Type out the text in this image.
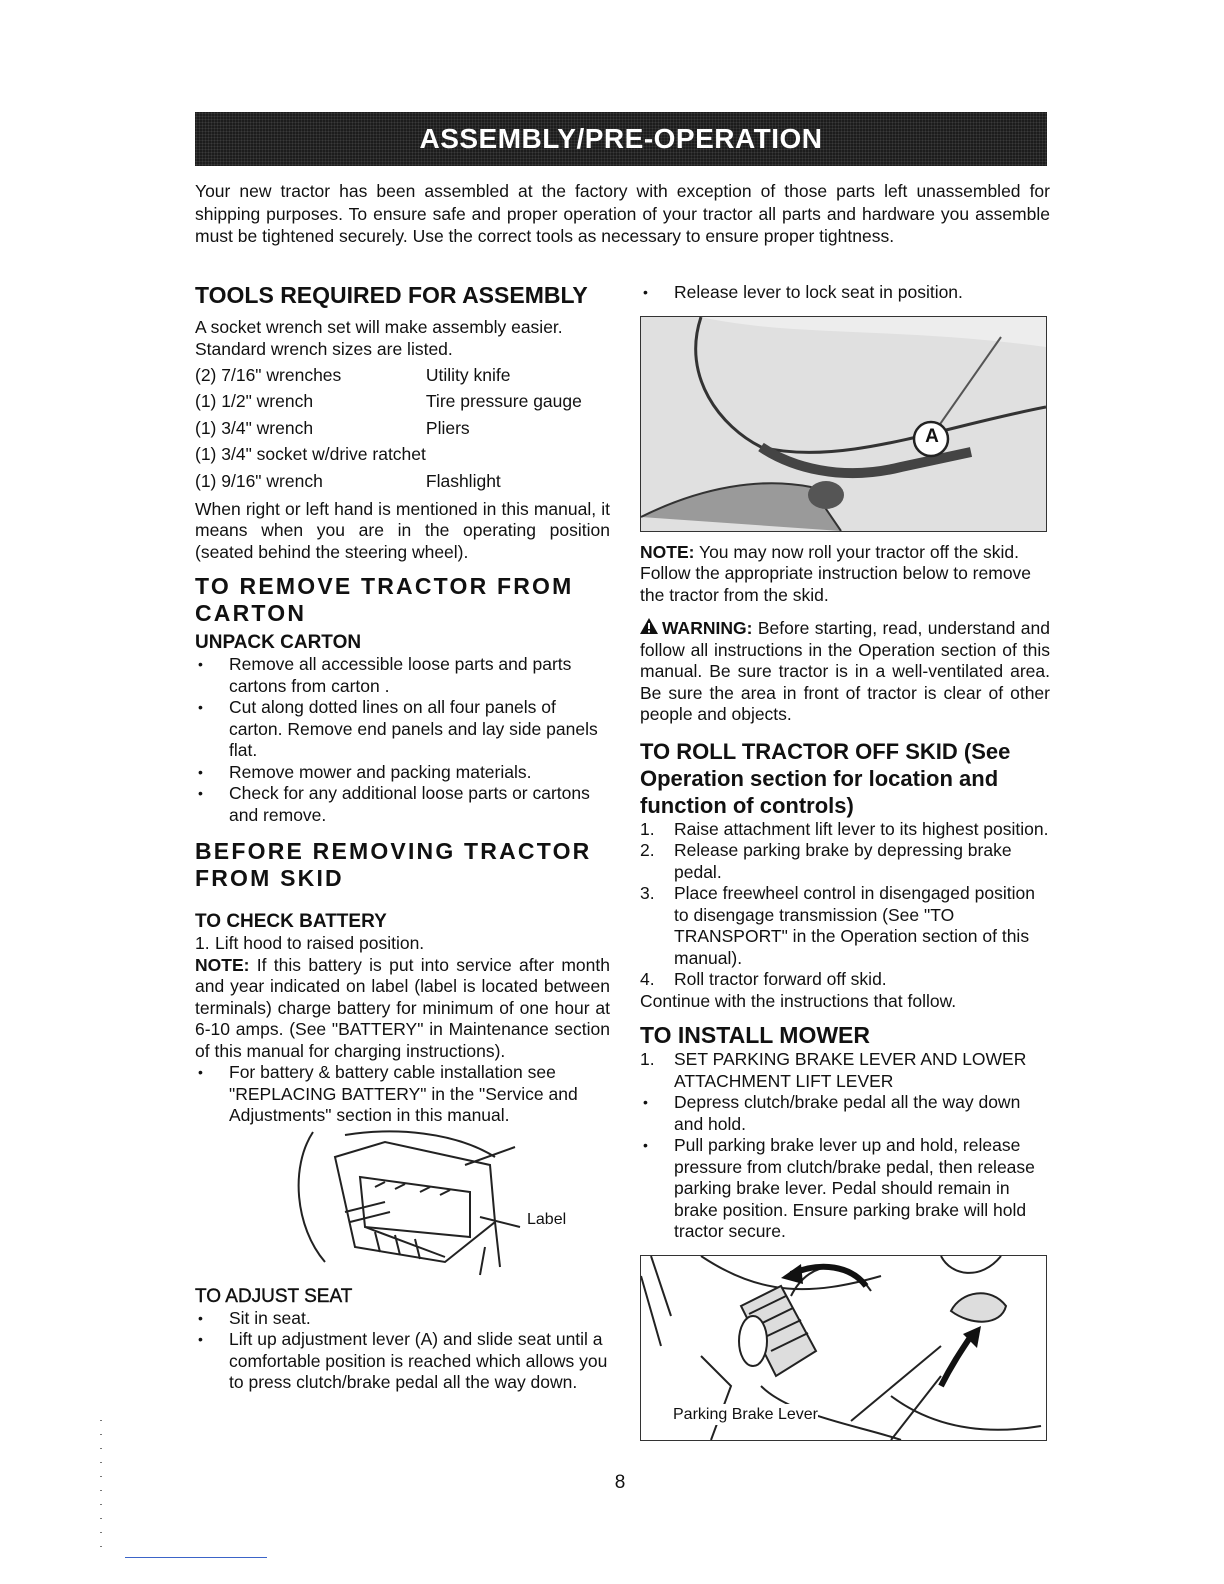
ASSEMBLY/PRE-OPERATION

Your new tractor has been assembled at the factory with exception of those parts left unassembled for shipping purposes. To ensure safe and proper operation of your tractor all parts and hardware you assemble must be tightened securely. Use the correct tools as necessary to ensure proper tightness.

TOOLS REQUIRED FOR ASSEMBLY

A socket wrench set will make assembly easier. Standard wrench sizes are listed.

(2) 7/16" wrenches	Utility knife
(1) 1/2" wrench	Tire pressure gauge
(1) 3/4" wrench	Pliers
(1) 3/4" socket w/drive ratchet	
(1) 9/16" wrench	Flashlight

When right or left hand is mentioned in this manual, it means when you are in the operating position (seated behind the steering wheel).

TO REMOVE TRACTOR FROM CARTON
UNPACK CARTON
• Remove all accessible loose parts and parts cartons from carton .
• Cut along dotted lines on all four panels of carton. Remove end panels and lay side panels flat.
• Remove mower and packing materials.
• Check for any additional loose parts or cartons and remove.
BEFORE REMOVING TRACTOR FROM SKID
TO CHECK BATTERY
1. Lift hood to raised position.

NOTE: If this battery is put into service after month and year indicated on label (label is located between terminals) charge battery for minimum of one hour at 6-10 amps. (See "BATTERY" in Maintenance section of this manual for charging instructions).

• For battery & battery cable installation see "REPLACING BATTERY" in the "Service and Adjustments" section in this manual.
Label
TO ADJUST SEAT
• Sit in seat.
• Lift up adjustment lever (A) and slide seat until a comfortable position is reached which allows you to press clutch/brake pedal all the way down.
• Release lever to lock seat in position.
A

NOTE: You may now roll your tractor off the skid. Follow the appropriate instruction below to remove the tractor from the skid.

WARNING: Before starting, read, understand and follow all instructions in the Operation section of this manual. Be sure tractor is in a well-ventilated area. Be sure the area in front of tractor is clear of other people and objects.

TO ROLL TRACTOR OFF SKID (See Operation section for location and function of controls)
1. Raise attachment lift lever to its highest position.
2. Release parking brake by depressing brake pedal.
3. Place freewheel control in disengaged position to disengage transmission (See "TO TRANSPORT" in the Operation section of this manual).
4. Roll tractor forward off skid.

Continue with the instructions that follow.

TO INSTALL MOWER
1. SET PARKING BRAKE LEVER AND LOWER ATTACHMENT LIFT LEVER
• Depress clutch/brake pedal all the way down and hold.
• Pull parking brake lever up and hold, release pressure from clutch/brake pedal, then release parking brake lever. Pedal should remain in brake position. Ensure parking brake will hold tractor secure.
Parking Brake Lever
8
